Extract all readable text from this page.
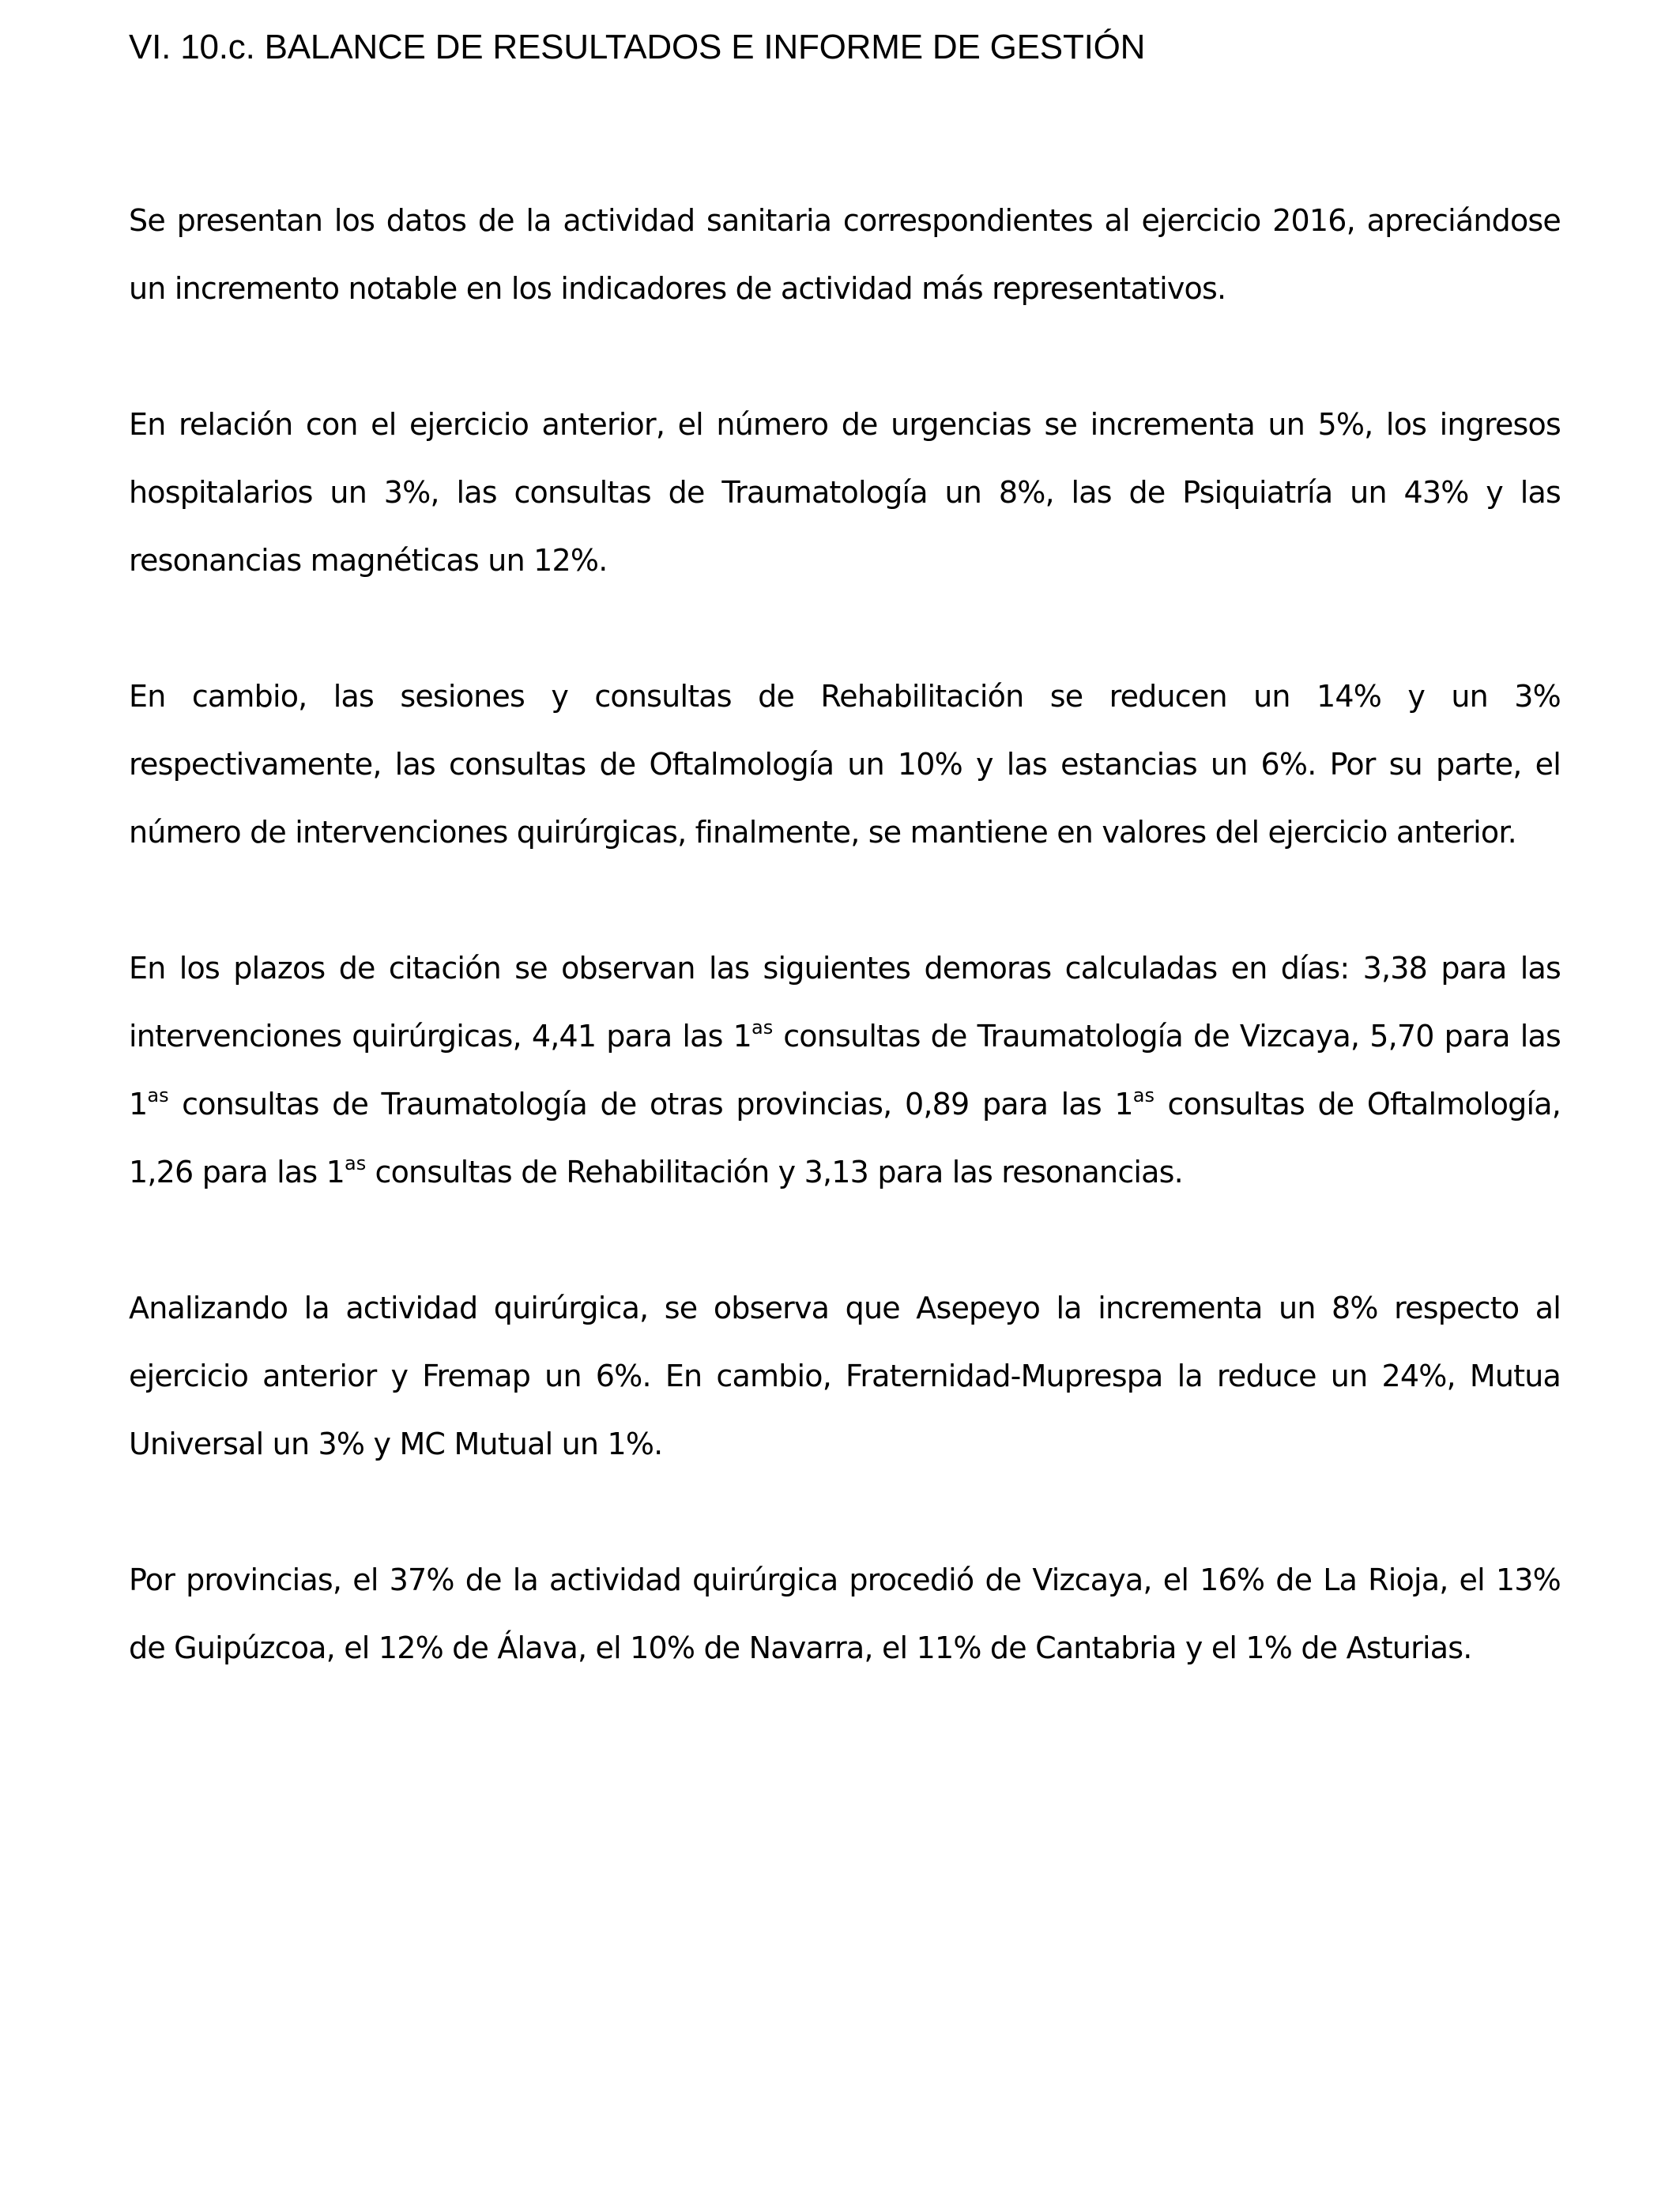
VI. 10.c. BALANCE DE RESULTADOS E INFORME DE GESTIÓN

Se presentan los datos de la actividad sanitaria correspondientes al ejercicio 2016, apreciándose un incremento notable en los indicadores de actividad más representativos.

En relación con el ejercicio anterior, el número de urgencias se incrementa un 5%, los ingresos hospitalarios un 3%, las consultas de Traumatología un 8%, las de Psiquiatría un 43% y las resonancias magnéticas un 12%.

En cambio, las sesiones y consultas de Rehabilitación se reducen un 14% y un 3% respectivamente, las consultas de Oftalmología un 10% y las estancias un 6%. Por su parte, el número de intervenciones quirúrgicas, finalmente, se mantiene en valores del ejercicio anterior.

En los plazos de citación se observan las siguientes demoras calculadas en días: 3,38 para las intervenciones quirúrgicas, 4,41 para las $1^{as}$ consultas de Traumatología de Vizcaya, 5,70 para las $1^{as}$ consultas de Traumatología de otras provincias, 0,89 para las $1^{as}$ consultas de Oftalmología, 1,26 para las $1^{as}$ consultas de Rehabilitación y 3,13 para las resonancias.

Analizando la actividad quirúrgica, se observa que Asepeyo la incrementa un 8% respecto al ejercicio anterior y Fremap un 6%. En cambio, Fraternidad-Muprespa la reduce un 24%, Mutua Universal un 3% y MC Mutual un 1%.

Por provincias, el 37% de la actividad quirúrgica procedió de Vizcaya, el 16% de La Rioja, el 13% de Guipúzcoa, el 12% de Álava, el 10% de Navarra, el 11% de Cantabria y el 1% de Asturias.
